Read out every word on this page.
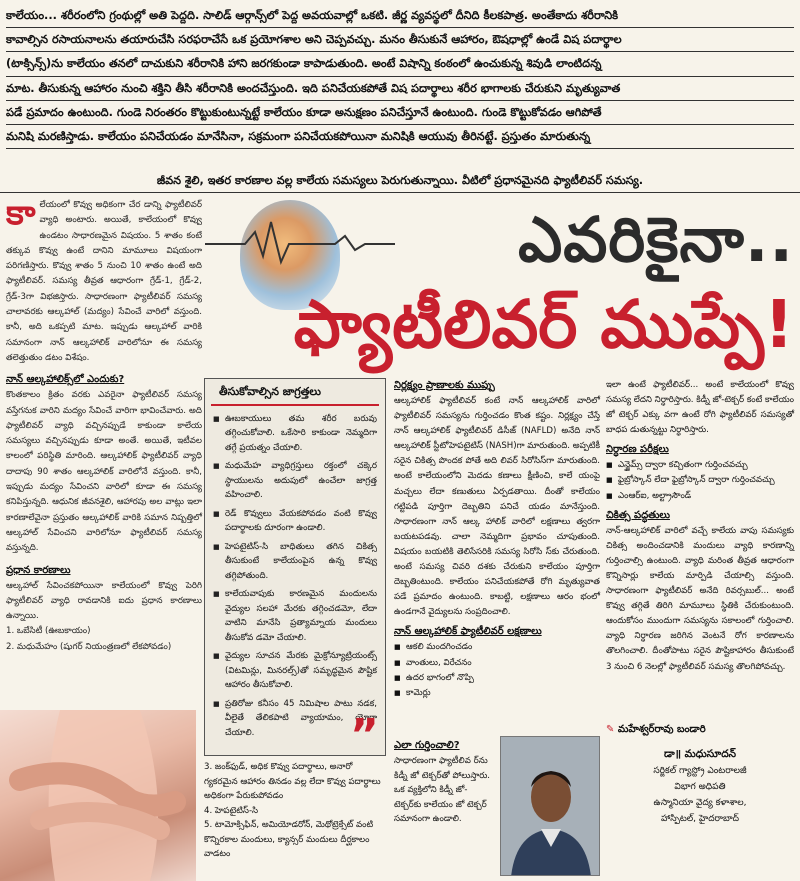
కాలేయం... శరీరంలోని గ్రంథుల్లో అతి పెద్దది. సాలిడ్ ఆర్గాన్స్‌లో పెద్ద అవయవాల్లో ఒకటి. జీర్ణ వ్యవస్థలో దీనిది కీలకపాత్ర. అంతేకాదు శరీరానికి
కావాల్సిన రసాయనాలను తయారుచేసి సరఫరాచేసే ఒక ప్రయోగశాల అని చెప్పవచ్చు. మనం తీసుకునే ఆహారం, ఔషధాల్లో ఉండే విష పదార్థాల
(టాక్సిన్స్)ను కాలేయం తనలో దాచుకుని శరీరానికి హాని జరగకుండా కాపాడుతుంది. అంటే విషాన్ని కంఠంలో ఉంచుకున్న శివుడి లాంటిదన్న
మాట. తీసుకున్న ఆహారం నుంచి శక్తిని తీసి శరీరానికి అందచేస్తుంది. ఇది పనిచేయకపోతే విష పదార్థాలు శరీర భాగాలకు చేరుకుని మృత్యువాత
పడే ప్రమాదం ఉంటుంది. గుండె నిరంతరం కొట్టుకుంటున్నట్టే కాలేయం కూడా అనుక్షణం పనిచేస్తూనే ఉంటుంది. గుండె కొట్టుకోవడం ఆగిపోతే
మనిషి మరణిస్తాడు. కాలేయం పనిచేయడం మానేసినా, సక్రమంగా పనిచేయకపోయినా మనిషికి ఆయువు తీరినట్టే. ప్రస్తుతం మారుతున్న
జీవన శైలి, ఇతర కారణాల వల్ల కాలేయ సమస్యలు పెరుగుతున్నాయి. వీటిలో ప్రధానమైనది ఫ్యాటీలివర్ సమస్య.

కా లేయంలో కొవ్వు అధికంగా చేర డాన్ని ఫ్యాటీలివర్ వ్యాధి అంటారు. అయితే, కాలేయంలో కొవ్వు ఉండటం సాధారణమైన విషయం. 5 శాతం కంటే తక్కువ కొవ్వు ఉంటే దానిని మామూలు విషయంగా పరిగణిస్తారు. కొవ్వు శాతం 5 నుంచి 10 శాతం ఉంటే అది ఫ్యాటీలివర్. సమస్య తీవ్రత ఆధారంగా గ్రేడ్-1, గ్రేడ్-2, గ్రేడ్-3గా విభజిస్తారు. సాధారణంగా ఫ్యాటీలివర్ సమస్య చాలావరకు ఆల్కహాల్ (మద్యం) సేవించే వారిలో వస్తుంది. కానీ, అది ఒకప్పటి మాట. ఇప్పుడు ఆల్కహాల్ వారికి సమానంగా నాన్ ఆల్కహాలిక్ వారిలోనూ ఈ సమస్య తలెత్తుతుం డటం విశేషం.

నాన్ ఆల్కహాలిక్స్‌లో ఎందుకు?

కొంతకాలం క్రితం వరకు ఎవరైనా ఫ్యాటీలివర్ సమస్య వస్తేగనుక వారిని మద్యం సేవించే వారిగా భావించేవారు. అది ఫ్యాటీలివర్ వ్యాధి వచ్చినప్పుడే కాకుండా కాలేయ సమస్యలు వచ్చినప్పుడు కూడా అంతే. అయితే, ఇటీవల కాలంలో పరిస్థితి మారింది. ఆల్కహాలిక్ ఫ్యాటీలివర్ వ్యాధి దాదాపు 90 శాతం ఆల్కహాలిక్ వారిలోనే వస్తుంది. కానీ, ఇప్పుడు మద్యం సేవించని వారిలో కూడా ఈ సమస్య కనిపిస్తున్నది. ఆధునిక జీవనశైలి, ఆహారపు అల వాట్లు ఇలా కారణాలేవైనా ప్రస్తుతం ఆల్కహాలిక్ వారికి సమాన నిష్పత్తిలో ఆల్కహాల్ సేవించని వారిలోనూ ఫ్యాటీలివర్ సమస్య వస్తున్నది.

ప్రధాన కారణాలు

ఆల్కహాల్ సేవించకపోయినా కాలేయంలో కొవ్వు పెరిగి ఫ్యాటీలివర్ వ్యాధి రావడానికి ఐదు ప్రధాన కారణాలు ఉన్నాయి.

1. ఒబేసిటీ (ఊబకాయం)
2. మధుమేహం (షుగర్ నియంత్రణలో లేకపోవడం)
ఎవరికైనా..
ఫ్యాటీలివర్ ముప్పే!
తీసుకోవాల్సిన జాగ్రత్తలు
■ ఊబకాయులు తమ శరీర బరువు తగ్గించుకోవాలి. ఒకేసారి కాకుండా నెమ్మదిగా తగ్గే ప్రయత్నం చేయాలి.
■ మధుమేహ వ్యాధిగ్రస్తులు రక్తంలో చక్కెర స్థాయులను అదుపులో ఉంచేలా జాగ్రత్త వహించాలి.
■ రెడ్ కొవ్వులు వేయకపోవడం వంటి కొవ్వు పదార్థాలకు దూరంగా ఉండాలి.
■ హెపటైటిస్-సి బాధితులు తగిన చికిత్స తీసుకుంటే కాలేయంపైన ఉన్న కొవ్వు తగ్గిపోతుంది.
■ కాలేయవాపుకు కారణమైన మందులను వైద్యుల సలహా మేరకు తగ్గించడమో, లేదా వాటిని మానేసి ప్రత్యామ్నాయ మందులు తీసుకోవ డమో చేయాలి.
■ వైద్యుల సూచన మేరకు మైక్రోన్యూట్రియంట్స్ (విటమిన్లు, మినరల్స్)తో సమృద్ధమైన పౌష్టిక ఆహారం తీసుకోవాలి.
■ ప్రతిరోజు కనీసం 45 నిమిషాల పాటు నడక, వీలైతే తేలికపాటి వ్యాయామం, యోగా చేయాలి.	”
3. జంక్‌ఫుడ్, అధిక కొవ్వు పదార్థాలు, అనారో గ్యకరమైన ఆహారం తినడం వల్ల లేదా కొవ్వు పదార్థాలు అధికంగా పేరుకుపోవడం
4. హెపటైటిస్-సి
5. టామోక్సిఫిన్, అమియోడరోన్, మెథోట్రెక్సేట్ వంటి కొన్నిరకాల మందులు, క్యాన్సర్ మందులు దీర్ఘకాలం వాడటం
నిర్లక్ష్యం ప్రాణాలకు ముప్పు

ఆల్కహాలిక్ ఫ్యాటీలివర్ కంటే నాన్ ఆల్కహాలిక్ వారిలో ఫ్యాటీలివర్ సమస్యను గుర్తించడం కొంత కష్టం. నిర్లక్ష్యం చేస్తే నాన్ ఆల్కహాలిక్ ఫ్యాటీలివర్ డిసీజ్ (NAFLD) అనేది నాన్ ఆల్కహాలిక్ స్టీటోహెపటైటిస్ (NASH)గా మారుతుంది. అప్పటికీ సరైన చికిత్స పొందక పోతే అది లివర్ సిరోసిస్‌గా మారుతుంది. అంటే కాలేయంలోని మెదడు కణాలు క్షీణించి, కాలే యంపై మచ్చలు లేదా కణుతులు ఏర్పడతాయి. దీంతో కాలేయం గట్టిపడి పూర్తిగా దెబ్బతిని పనిచే యడం మానేస్తుంది. సాధారణంగా నాన్ ఆల్క హాలిక్ వారిలో లక్షణాలు త్వరగా బయటపడవు. చాలా నెమ్మదిగా ప్రభావం చూపుతుంది. విషయం బయటికి తెలిసేసరికి సమస్య సిరోసి స్‌కు చేరుతుంది. అంటే సమస్య చివరి దశకు చేరుకుని కాలేయం పూర్తిగా దెబ్బతింటుంది. కాలేయం పనిచేయకపోతే రోగి మృత్యువాత పడే ప్రమాదం ఉంటుంది. కాబట్టి, లక్షణాలు ఆరం భంలో ఉండగానే వైద్యులను సంప్రదించాలి.

నాన్ ఆల్కహాలిక్ ఫ్యాటీలివర్ లక్షణాలు
■ ఆకలి మందగించడం
■ వాంతులు, విరేచనం
■ ఉదర భాగంలో నొప్పి
■ కామెర్లు
ఎలా గుర్తించాలి?

సాధారణంగా ఫ్యాటీలివ ర్‌ను కిడ్నీ జో టెక్చర్‌తో పోలుస్తారు. ఒక వ్యక్తిలోని కిడ్నీ జో-టెక్చర్‌కు కాలేయం జో టెక్చర్ సమానంగా ఉండాలి.

ఇలా ఉంటే ఫ్యాటీలివర్... అంటే కాలేయంలో కొవ్వు సమస్య లేదని నిర్ధారిస్తారు. కిడ్నీ జో-టెక్చర్ కంటే కాలేయం జో టెక్చర్ ఎక్కు వగా ఉంటే రోగి ఫ్యాటీలివర్ సమస్యతో బాధప డుతున్నట్టు నిర్ధారిస్తారు.

నిర్ధారణ పరీక్షలు
■ ఎన్జైమ్స్ ద్వారా కచ్చితంగా గుర్తించవచ్చు
■ ఫైబ్రోస్కాన్ లేదా ఫైబ్రోస్కాన్ ద్వారా గుర్తించవచ్చు
■ ఎంఆర్ఐ, అల్ట్రాసౌండ్
చికిత్స పద్ధతులు

నాన్-ఆల్కహాలిక్ వారిలో వచ్చే కాలేయ వాపు సమస్యకు చికిత్స అందించడానికి మందులు వ్యాధి కారణాన్ని గుర్తించాల్సి ఉంటుంది. వ్యాధి మరింత తీవ్రత ఆధారంగా కొన్నిసార్లు కాలేయ మార్పిడి చేయాల్సి వస్తుంది. సాధారణంగా ఫ్యాటీలివర్ అనేది రివర్సబుల్... అంటే కొవ్వు తగ్గితే తిరిగి మామూలు స్థితికి చేరుకుంటుంది. ఆందుకోసం ముందుగా సమస్యను సకాలంలో గుర్తించాలి. వ్యాధి నిర్ధారణ జరిగిన వెంటనే రోగ కారణాలను తొలగించాలి. దీంతోపాటు సరైన పౌష్టికాహారం తీసుకుంటే 3 నుంచి 6 నెలల్లో ఫ్యాటీలివర్ సమస్య తొలగిపోవచ్చు.

✎ మహేశ్వర్‌రావు బండారి
డా॥ మధుసూదన్
సర్జికల్ గ్యాస్ట్రో ఎంటరాలజీ
విభాగ అధిపతి
ఉస్మానియా వైద్య కళాశాల,
హాస్పిటల్, హైదరాబాద్
